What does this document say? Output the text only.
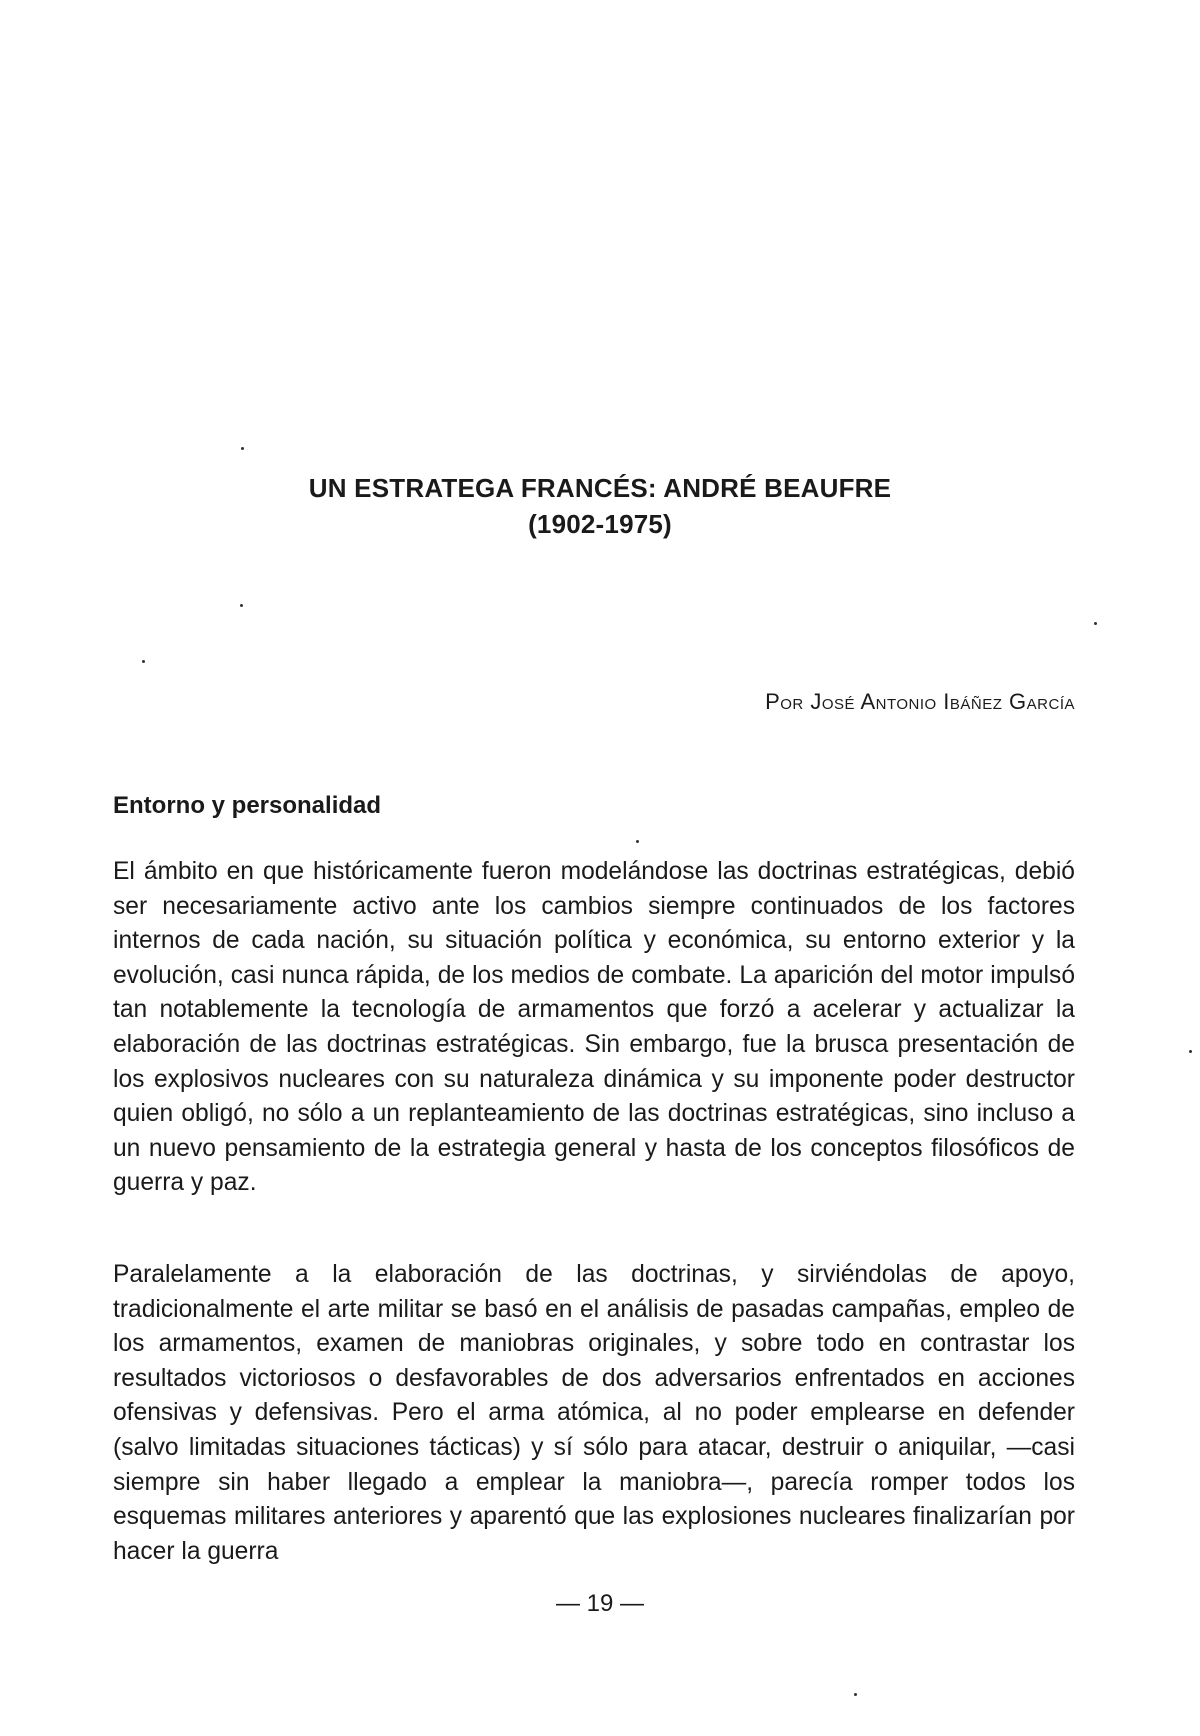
UN ESTRATEGA FRANCÉS: ANDRÉ BEAUFRE
(1902-1975)
Por José Antonio Ibáñez García
Entorno y personalidad

El ámbito en que históricamente fueron modelándose las doctrinas estratégicas, debió ser necesariamente activo ante los cambios siempre continuados de los factores internos de cada nación, su situación política y económica, su entorno exterior y la evolución, casi nunca rápida, de los medios de combate. La aparición del motor impulsó tan notablemente la tecnología de armamentos que forzó a acelerar y actualizar la elaboración de las doctrinas estratégicas. Sin embargo, fue la brusca presentación de los explosivos nucleares con su naturaleza dinámica y su imponente poder destructor quien obligó, no sólo a un replanteamiento de las doctrinas estratégicas, sino incluso a un nuevo pensamiento de la estrategia general y hasta de los conceptos filosóficos de guerra y paz.

Paralelamente a la elaboración de las doctrinas, y sirviéndolas de apoyo, tradicionalmente el arte militar se basó en el análisis de pasadas campañas, empleo de los armamentos, examen de maniobras originales, y sobre todo en contrastar los resultados victoriosos o desfavorables de dos adversarios enfrentados en acciones ofensivas y defensivas. Pero el arma atómica, al no poder emplearse en defender (salvo limitadas situaciones tácticas) y sí sólo para atacar, destruir o aniquilar, —casi siempre sin haber llegado a emplear la maniobra—, parecía romper todos los esquemas militares anteriores y aparentó que las explosiones nucleares finalizarían por hacer la guerra

— 19 —
